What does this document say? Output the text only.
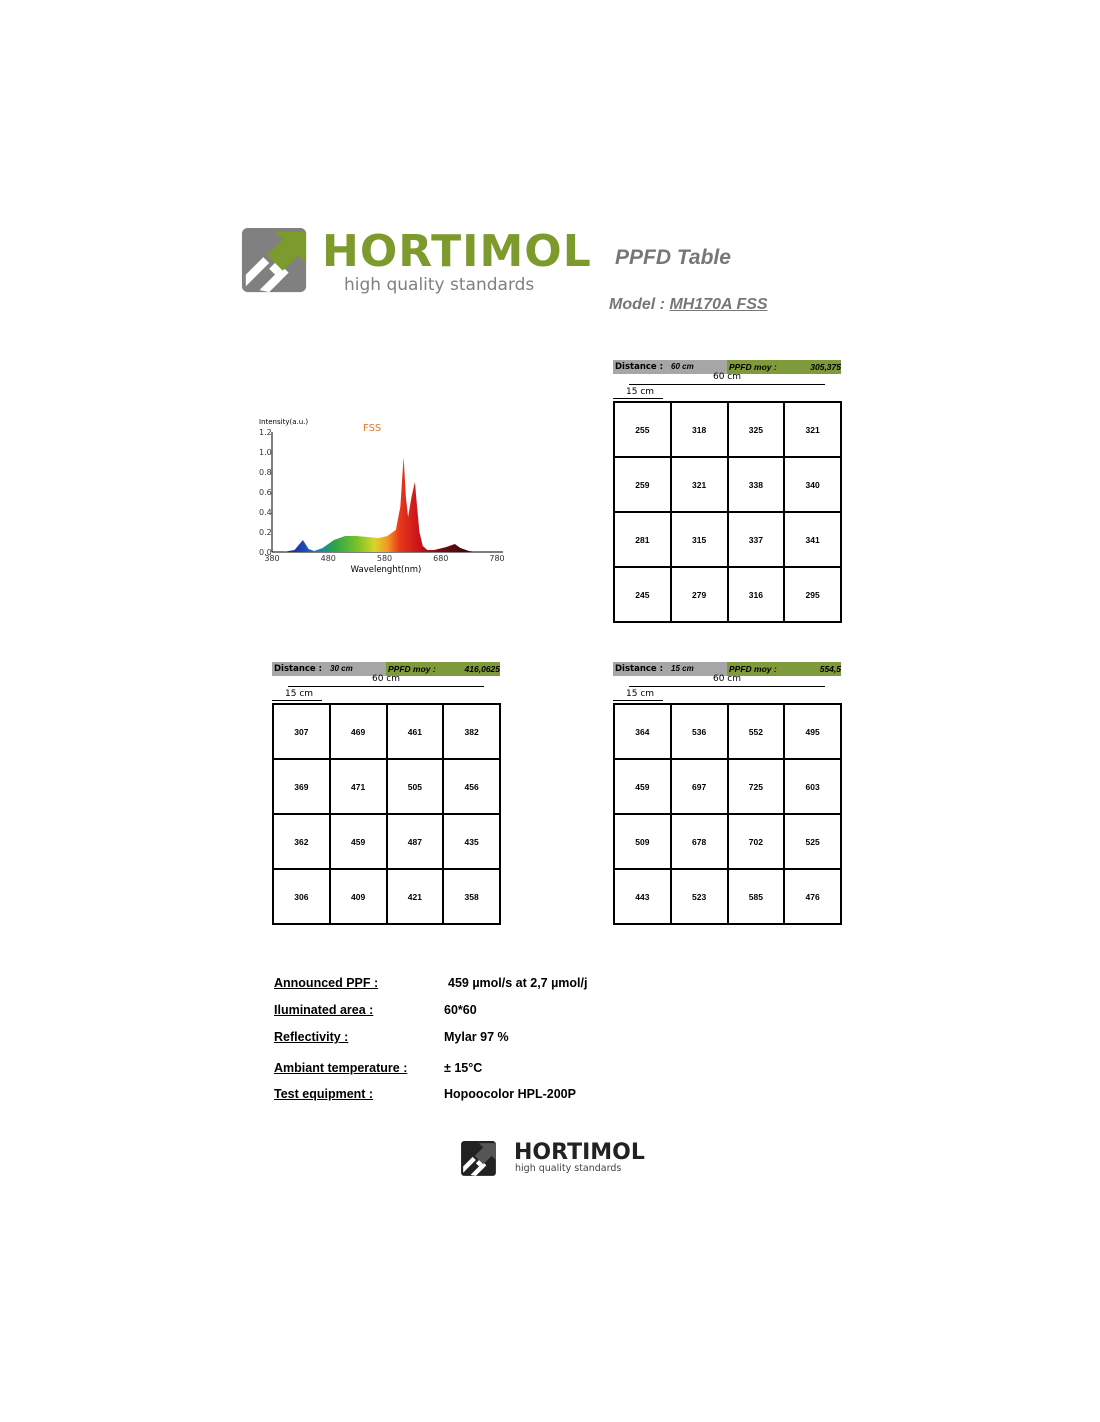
HORTIMOL
high quality standards
PPFD Table
Model : MH170A FSS
Intensity(a.u.)
FSS
1.2
1.0
0.8
0.6
0.4
0.2
0.0
380	480	580	680	780
Wavelenght(nm)
Distance : 60 cm	PPFD moy :	305,375
60 cm
15 cm
255	318	325	321
259	321	338	340
281	315	337	341
245	279	316	295
Distance : 30 cm	PPFD moy :	416,0625
60 cm
15 cm
307	469	461	382
369	471	505	456
362	459	487	435
306	409	421	358
Distance : 15 cm	PPFD moy :	554,5
60 cm
15 cm
364	536	552	495
459	697	725	603
509	678	702	525
443	523	585	476
Announced PPF :	459 µmol/s at 2,7 µmol/j
Iluminated area :	60*60
Reflectivity :	Mylar 97 %
Ambiant temperature :	± 15°C
Test equipment :	Hopoocolor HPL-200P
HORTIMOL
high quality standards
